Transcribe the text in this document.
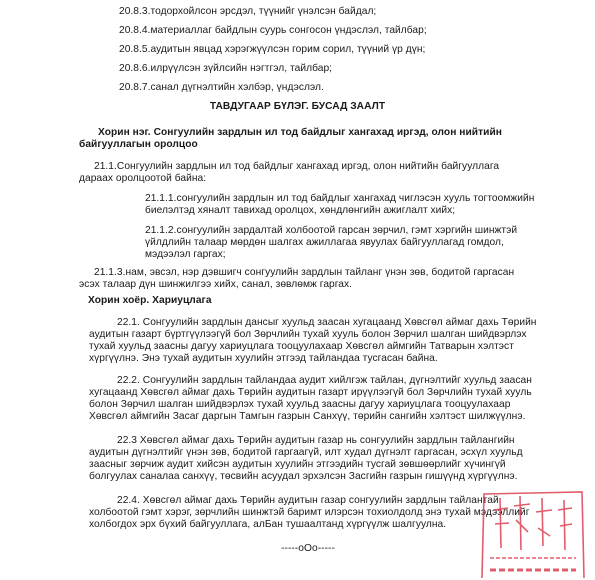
20.8.3.тодорхойлсон эрсдэл, түүнийг үнэлсэн байдал;
20.8.4.материаллаг байдлын суурь сонгосон үндэслэл, тайлбар;
20.8.5.аудитын явцад хэрэгжүүлсэн горим сорил, түүний үр дүн;
20.8.6.илрүүлсэн зүйлсийн нэгтгэл, тайлбар;
20.8.7.санал дүгнэлтийн хэлбэр, үндэслэл.
ТАВДУГААР БҮЛЭГ. БУСАД ЗААЛТ
Хорин нэг. Сонгуулийн зардлын ил тод байдлыг хангахад иргэд, олон нийтийн
байгууллагын оролцоо
21.1.Сонгуулийн зардлын ил тод байдлыг хангахад иргэд, олон нийтийн байгууллага
дараах оролцоотой байна:
21.1.1.сонгуулийн зардлын ил тод байдлыг хангахад чиглэсэн хууль тогтоомжийн
биелэлтэд хяналт тавихад оролцох, хөндлөнгийн ажиглалт хийх;
21.1.2.сонгуулийн зардалтай холбоотой гарсан зөрчил, гэмт хэргийн шинжтэй
үйлдлийн талаар мөрдөн шалгах ажиллагаа явуулах байгууллагад гомдол,
мэдээлэл гаргах;
21.1.3.нам, эвсэл, нэр дэвшигч сонгуулийн зардлын тайланг үнэн зөв, бодитой гаргасан
эсэх талаар дүн шинжилгээ хийх, санал, зөвлөмж гаргах.
Хорин хоёр. Хариуцлага
22.1. Сонгуулийн зардлын дансыг хуульд заасан хугацаанд Хөвсгөл аймаг дахь Төрийн
аудитын газарт бүртгүүлээгүй бол Зөрчлийн тухай хууль болон Зөрчил шалган шийдвэрлэх
тухай хуульд заасны дагуу хариуцлага тооцуулахаар Хөвсгөл аймгийн Татварын хэлтэст
хүргүүлнэ. Энэ тухай аудитын хуулийн этгээд тайландаа тусгасан байна.
22.2. Сонгуулийн зардлын тайландаа аудит хийлгэж тайлан, дүгнэлтийг хуульд заасан
хугацаанд Хөвсгөл аймаг дахь Төрийн аудитын газарт ирүүлээгүй бол Зөрчлийн тухай хууль
болон Зөрчил шалган шийдвэрлэх тухай хуульд заасны дагуу хариуцлага тооцуулахаар
Хөвсгөл аймгийн Засаг даргын Тамгын газрын Санхүү, төрийн сангийн хэлтэст шилжүүлнэ.
22.3 Хөвсгөл аймаг дахь Төрийн аудитын газар нь сонгуулийн зардлын тайлангийн
аудитын дүгнэлтийг үнэн зөв, бодитой гаргаагүй, илт худал дүгнэлт гаргасан, эсхүл хуульд
заасныг зөрчиж аудит хийсэн аудитын хуулийн этгээдийн тусгай зөвшөөрлийг хүчингүй
болгуулах саналаа санхүү, төсвийн асуудал эрхэлсэн Засгийн газрын гишүүнд хүргүүлнэ.
22.4. Хөвсгөл аймаг дахь Төрийн аудитын газар сонгуулийн зардлын тайлантай
холбоотой гэмт хэрэг, зөрчлийн шинжтэй баримт илэрсэн тохиолдолд энэ тухай мэдээллийг
холбогдох эрх бүхий байгууллага, алБан тушаалтанд хүргүүлж шалгуулна.
-----oOo-----
